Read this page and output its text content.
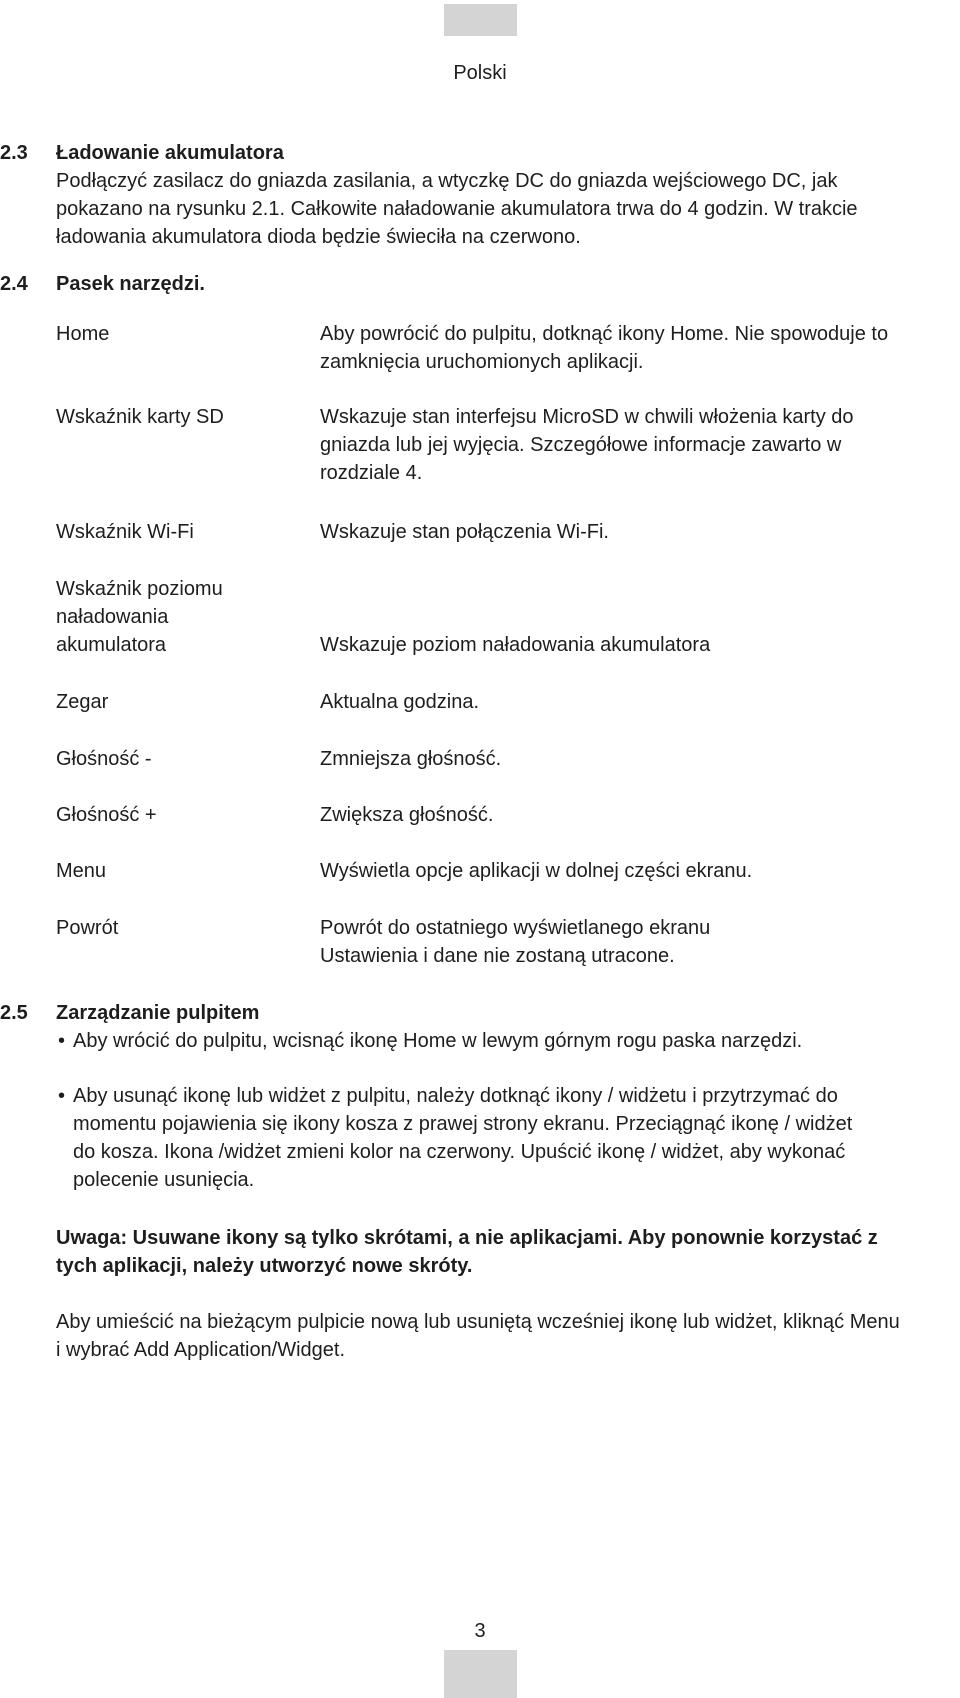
Polski
2.3 Ładowanie akumulatora

Podłączyć zasilacz do gniazda zasilania, a wtyczkę DC do gniazda wejściowego DC, jak

pokazano na rysunku 2.1. Całkowite naładowanie akumulatora trwa do 4 godzin. W trakcie

ładowania akumulatora dioda będzie świeciła na czerwono.

2.4 Pasek narzędzi.
Home	Aby powrócić do pulpitu, dotknąć ikony Home. Nie spowoduje to
zamknięcia uruchomionych aplikacji.
Wskaźnik karty SD	Wskazuje stan interfejsu MicroSD w chwili włożenia karty do
gniazda lub jej wyjęcia. Szczegółowe informacje zawarto w
rozdziale 4.
Wskaźnik Wi-Fi	Wskazuje stan połączenia Wi-Fi.
Wskaźnik poziomu
naładowania
akumulatora	Wskazuje poziom naładowania akumulatora
Zegar	Aktualna godzina.
Głośność -	Zmniejsza głośność.
Głośność +	Zwiększa głośność.
Menu	Wyświetla opcje aplikacji w dolnej części ekranu.
Powrót	Powrót do ostatniego wyświetlanego ekranu
Ustawienia i dane nie zostaną utracone.
2.5 Zarządzanie pulpitem
• Aby wrócić do pulpitu, wcisnąć ikonę Home w lewym górnym rogu paska narzędzi.
• Aby usunąć ikonę lub widżet z pulpitu, należy dotknąć ikony / widżetu i przytrzymać do
momentu pojawienia się ikony kosza z prawej strony ekranu. Przeciągnąć ikonę / widżet
do kosza. Ikona /widżet zmieni kolor na czerwony. Upuścić ikonę / widżet, aby wykonać
polecenie usunięcia.

Uwaga: Usuwane ikony są tylko skrótami, a nie aplikacjami. Aby ponownie korzystać z

tych aplikacji, należy utworzyć nowe skróty.

Aby umieścić na bieżącym pulpicie nową lub usuniętą wcześniej ikonę lub widżet, kliknąć Menu

i wybrać Add Application/Widget.

3
